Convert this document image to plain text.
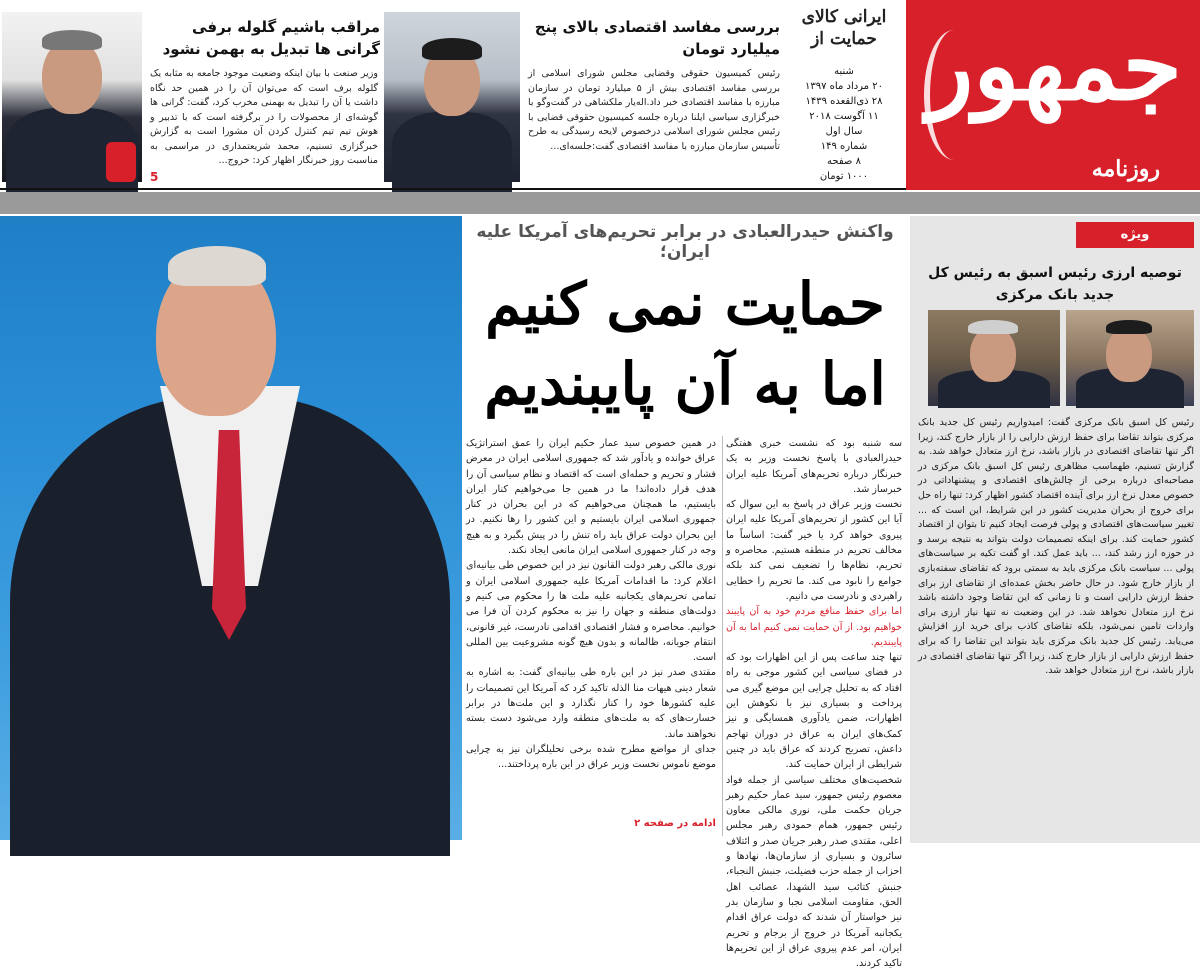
جمهور
روزنامه
ایرانی کالای حمایت از
شنبه
۲۰ مرداد ماه ۱۳۹۷
۲۸ ذی‌القعده ۱۴۳۹
۱۱ آگوست ۲۰۱۸
سال اول
شماره ۱۴۹
۸ صفحه
۱۰۰۰ تومان
بررسی مفاسد اقتصادی بالای پنج میلیارد تومان
رئیس کمیسیون حقوقی وقضایی مجلس شورای اسلامی از بررسی مفاسد اقتصادی بیش از ۵ میلیارد تومان در سازمان مبارزه با مفاسد اقتصادی خبر داد.اله‌یار ملکشاهی در گفت‌وگو با خبرگزاری سیاسی ایلنا درباره جلسه کمیسیون حقوقی قضایی با رئیس مجلس شورای اسلامی درخصوص لایحه رسیدگی به طرح تأسیس سازمان مبارزه با مفاسد اقتصادی گفت:جلسه‌ای...
مراقب باشیم گلوله برفی گرانی ها تبدیل به بهمن نشود
وزیر صنعت با بیان اینکه وضعیت موجود جامعه به مثابه یک گلوله برف است که می‌توان آن را در همین حد نگاه داشت یا آن را تبدیل به بهمنی مخرب کرد، گفت: گرانی ها گوشه‌ای از محصولات را در برگرفته است که با تدبیر و هوش تیم تیم کنترل کردن آن مشورا است به گزارش خبرگزاری تسنیم، محمد شریعتمداری در مراسمی به مناسبت روز خبرنگار اظهار کرد: خروج...
5
واکنش حیدرالعبادی در برابر تحریم‌های آمریکا علیه ایران؛
حمایت نمی کنیم
اما به آن پایبندیم

سه شنبه بود که نشست خبری هفتگی حیدرالعبادی با پاسخ نخست وزیر به یک خبرنگار درباره تحریم‌های آمریکا علیه ایران خبرساز شد.

نخست وزیر عراق در پاسخ به این سوال که آیا این کشور از تحریم‌های آمریکا علیه ایران پیروی خواهد کرد یا خیر گفت: اساساً ما مخالف تحریم در منطقه هستیم. محاصره و تحریم، نظام‌ها را تضعیف نمی کند بلکه جوامع را نابود می کند. ما تحریم را خطایی راهبردی و نادرست می دانیم.

اما برای حفظ منافع مردم خود به آن پایبند خواهیم بود. از آن حمایت نمی کنیم اما به آن پایبندیم.

تنها چند ساعت پس از این اظهارات بود که در فضای سیاسی این کشور موجی به راه افتاد که به تحلیل چرایی این موضع گیری می پرداخت و بسیاری نیز با نکوهش این اظهارات، ضمن یادآوری همسایگی و نیز کمک‌های ایران به عراق در دوران تهاجم داعش، تصریح کردند که عراق باید در چنین شرایطی از ایران حمایت کند.

شخصیت‌های مختلف سیاسی از جمله فواد معصوم رئیس جمهور، سید عمار حکیم رهبر جریان حکمت ملی، نوری مالکی معاون رئیس جمهور، همام حمودی رهبر مجلس اعلی، مقتدی صدر رهبر جریان صدر و ائتلاف سائرون و بسیاری از سازمان‌ها، نهادها و احزاب از جمله حزب فضیلت، جنبش النجباء، جنبش کتائب سید الشهدا، عصائب اهل الحق، مقاومت اسلامی نجبا و سازمان بدر نیز خواستار آن شدند که دولت عراق اقدام یکجانبه آمریکا در خروج از برجام و تحریم ایران، امر عدم پیروی عراق از این تحریم‌ها تاکید کردند.

در همین خصوص سید عمار حکیم ایران را عمق استراتژیک عراق خوانده و یادآور شد که جمهوری اسلامی ایران در معرض فشار و تحریم و حمله‌ای است که اقتصاد و نظام سیاسی آن را هدف قرار داده‌اند! ما در همین جا می‌خواهیم کنار ایران بایستیم، ما همچنان می‌خواهیم که در این بحران در کنار جمهوری اسلامی ایران بایستیم و این کشور را رها نکنیم. در این بحران دولت عراق باید راه تنش را در پیش بگیرد و به هیچ وجه در کنار جمهوری اسلامی ایران مانعی ایجاد نکند.

نوری مالکی رهبر دولت القانون نیز در این خصوص طی بیانیه‌ای اعلام کرد: ما اقدامات آمریکا علیه جمهوری اسلامی ایران و تمامی تحریم‌های یکجانبه علیه ملت ها را محکوم می کنیم و دولت‌های منطقه و جهان را نیز به محکوم کردن آن فرا می خوانیم. محاصره و فشار اقتصادی اقدامی نادرست، غیر قانونی، انتقام جویانه، ظالمانه و بدون هیچ گونه مشروعیت بین المللی است.

مقتدی صدر نیز در این باره طی بیانیه‌ای گفت: به اشاره به شعار دینی هیهات منا الذله تاکید کرد که آمریکا این تصمیمات را علیه کشورها خود را کنار نگذارد و این ملت‌ها در برابر خسارت‌های که به ملت‌های منطقه وارد می‌شود دست بسته نخواهند ماند.

جدای از مواضع مطرح شده برخی تحلیلگران نیز به چرایی موضع ناموس نخست وزیر عراق در این باره پرداختند...

ادامه در صفحه ۲
ویژه
توصیه ارزی رئیس اسبق به رئیس کل جدید بانک مرکزی
رئیس کل اسبق بانک مرکزی گفت: امیدواریم رئیس کل جدید بانک مرکزی بتواند تقاضا برای حفظ ارزش دارایی را از بازار خارج کند، زیرا اگر تنها تقاضای اقتصادی در بازار باشد، نرخ ارز متعادل خواهد شد. به گزارش تسنیم، طهماسب مظاهری رئیس کل اسبق بانک مرکزی در مصاحبه‌ای درباره برخی از چالش‌های اقتصادی و پیشنهاداتی در خصوص معدل نرخ ارز برای آینده اقتصاد کشور اظهار کرد: تنها راه حل برای خروج از بحران مدیریت کشور در این شرایط، این است که ... تغییر سیاست‌های اقتصادی و پولی فرصت ایجاد کنیم تا بتوان از اقتصاد کشور حمایت کند. برای اینکه تصمیمات دولت بتواند به نتیجه برسد و در حوزه ارز رشد کند، ... باید عمل کند. او گفت تکیه بر سیاست‌های پولی ... سیاست بانک مرکزی باید به سمتی برود که تقاضای سفته‌بازی از بازار خارج شود. در حال حاضر بخش عمده‌ای از تقاضای ارز برای حفظ ارزش دارایی است و تا زمانی که این تقاضا وجود داشته باشد نرخ ارز متعادل نخواهد شد. در این وضعیت نه تنها نیاز ارزی برای واردات تامین نمی‌شود، بلکه تقاضای کاذب برای خرید ارز افزایش می‌یابد. رئیس کل جدید بانک مرکزی باید بتواند این تقاضا را که برای حفظ ارزش دارایی از بازار خارج کند، زیرا اگر تنها تقاضای اقتصادی در بازار باشد، نرخ ارز متعادل خواهد شد.
